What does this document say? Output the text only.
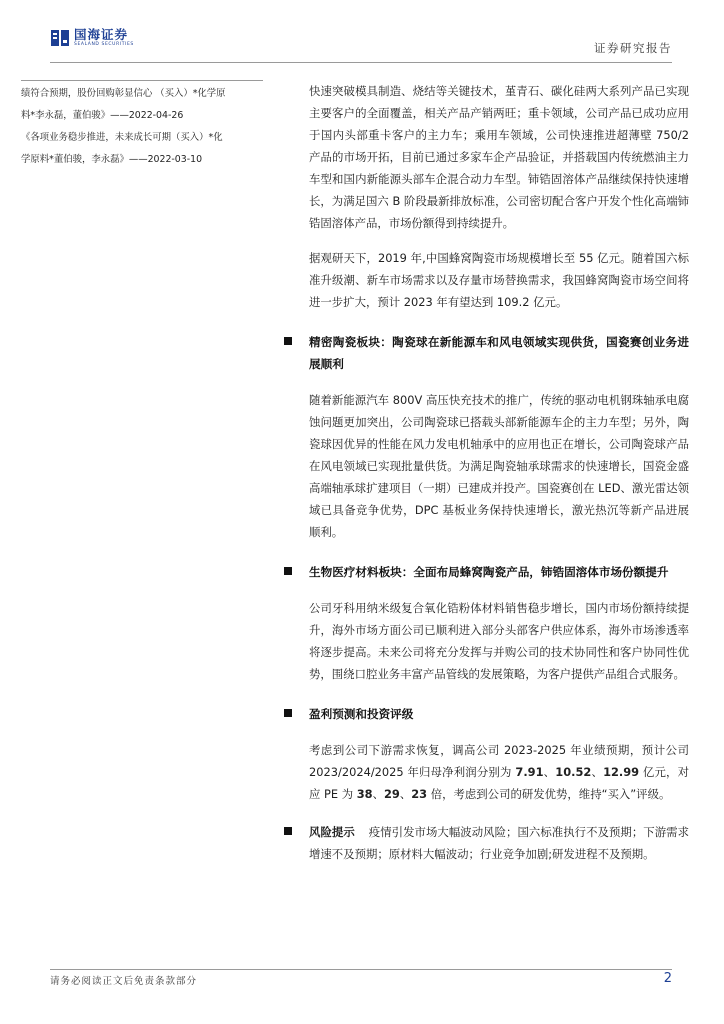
国海证券
SEALAND SECURITIES	证券研究报告
绩符合预期，股份回购彰显信心 （买入）*化学原
料*李永磊，董伯骏》——2022-04-26
《各项业务稳步推进，未来成长可期（买入）*化
学原料*董伯骏，李永磊》——2022-03-10

快速突破模具制造、烧结等关键技术，堇青石、碳化硅两大系列产品已实现主要客户的全面覆盖，相关产品产销两旺；重卡领域，公司产品已成功应用于国内头部重卡客户的主力车；乘用车领域，公司快速推进超薄壁 750/2 产品的市场开拓，目前已通过多家车企产品验证，并搭载国内传统燃油主力车型和国内新能源头部车企混合动力车型。铈锆固溶体产品继续保持快速增长，为满足国六 B 阶段最新排放标准，公司密切配合客户开发个性化高端铈锆固溶体产品，市场份额得到持续提升。

据观研天下，2019 年,中国蜂窝陶瓷市场规模增长至 55 亿元。随着国六标准升级潮、新车市场需求以及存量市场替换需求，我国蜂窝陶瓷市场空间将进一步扩大，预计 2023 年有望达到 109.2 亿元。

精密陶瓷板块：陶瓷球在新能源车和风电领域实现供货，国瓷赛创业务进展顺利

随着新能源汽车 800V 高压快充技术的推广，传统的驱动电机钢珠轴承电腐蚀问题更加突出，公司陶瓷球已搭载头部新能源车企的主力车型；另外，陶瓷球因优异的性能在风力发电机轴承中的应用也正在增长，公司陶瓷球产品在风电领域已实现批量供货。为满足陶瓷轴承球需求的快速增长，国瓷金盛高端轴承球扩建项目（一期）已建成并投产。国瓷赛创在 LED、激光雷达领域已具备竞争优势，DPC 基板业务保持快速增长，激光热沉等新产品进展顺利。

生物医疗材料板块：全面布局蜂窝陶瓷产品，铈锆固溶体市场份额提升

公司牙科用纳米级复合氧化锆粉体材料销售稳步增长，国内市场份额持续提升，海外市场方面公司已顺利进入部分头部客户供应体系，海外市场渗透率将逐步提高。未来公司将充分发挥与并购公司的技术协同性和客户协同性优势，围绕口腔业务丰富产品管线的发展策略，为客户提供产品组合式服务。

盈利预测和投资评级

考虑到公司下游需求恢复，调高公司 2023-2025 年业绩预期，预计公司 2023/2024/2025 年归母净利润分别为 7.91、10.52、12.99 亿元，对应 PE 为 38、29、23 倍，考虑到公司的研发优势，维持“买入”评级。

风险提示 疫情引发市场大幅波动风险；国六标准执行不及预期；下游需求增速不及预期；原材料大幅波动；行业竞争加剧;研发进程不及预期。
请务必阅读正文后免责条款部分	2
